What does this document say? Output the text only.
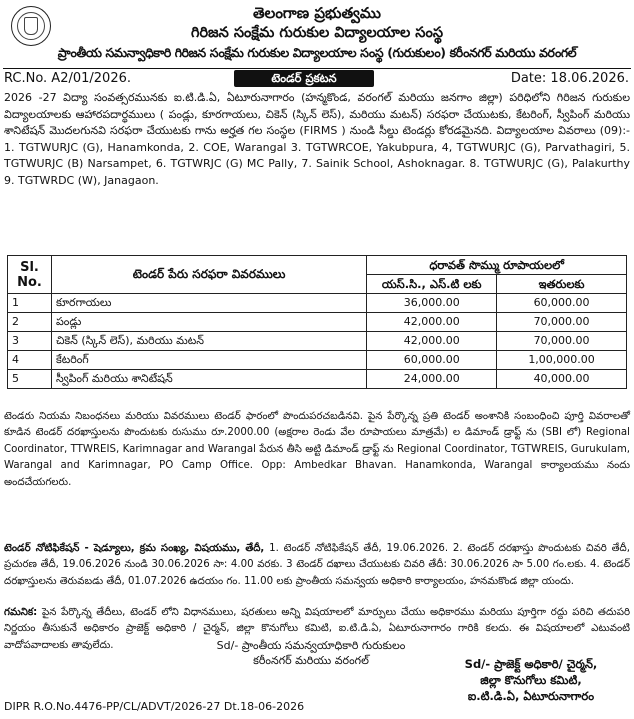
తెలంగాణ ప్రభుత్వము
గిరిజన సంక్షేమ గురుకుల విద్యాలయాల సంస్థ
ప్రాంతీయ సమన్వాధికారి గిరిజన సంక్షేమ గురుకుల విద్యాలయాల సంస్థ (గురుకులం) కరీంనగర్ మరియు వరంగల్
RC.No. A2/01/2026.	టెండర్ ప్రకటన	Date: 18.06.2026.

2026 -27 విద్యా సంవత్సరమునకు ఐ.టి.డి.ఏ, ఏటూరునాగారం (హన్మకొండ, వరంగల్ మరియు జనగాం జిల్లా) పరిధిలోని గిరిజన గురుకుల విద్యాలయాలకు ఆహారపదార్థములు ( పండ్లు, కూరగాయలు, చికెన్ (స్కిన్ లెస్), మరియు మటన్) సరఫరా చేయుటకు, కేటరింగ్, స్వీపింగ్ మరియు శానిటేషన్ మొదలగునవి సరఫరా చేయుటకు గాను అర్హత గల సంస్థల (FIRMS ) నుండి సీల్డు టెండర్లు కోరడమైనది. విద్యాలయాల వివరాలు (09):- 1. TGTWURJC (G), Hanamkonda, 2. COE, Warangal 3. TGTWRCOE, Yakubpura, 4, TGTWURJC (G), Parvathagiri, 5. TGTWURJC (B) Narsampet, 6. TGTWRJC (G) MC Pally, 7. Sainik School, Ashoknagar. 8. TGTWURJC (G), Palakurthy 9. TGTWRDC (W), Janagaon.

Sl. No.	టెండర్ పేరు సరఫరా వివరములు	ధరావత్ సొమ్ము రూపాయలలో	
		యస్.సి., ఎస్.టి లకు	ఇతరులకు
1	కూరగాయలు	36,000.00	60,000.00
2	పండ్లు	42,000.00	70,000.00
3	చికెన్ (స్కిన్ లెస్), మరియు మటన్	42,000.00	70,000.00
4	కేటరింగ్	60,000.00	1,00,000.00
5	స్వీపింగ్ మరియు శానిటేషన్	24,000.00	40,000.00

టెండరు నియమ నిబంధనలు మరియు వివరములు టెండర్ ఫారంలో పొందుపరచబడినవి. పైన పేర్కొన్న ప్రతి టెండర్ అంశానికి సంబంధించి పూర్తి వివరాలతో కూడిన టెండర్ దరఖాస్తులను పొందుటకు రుసుము రూ.2000.00 (అక్షరాల రెండు వేల రూపాయలు మాత్రమే) ల డిమాండ్ డ్రాఫ్ట్ ను (SBI లో) Regional Coordinator, TTWREIS, Karimnagar and Warangal పేరున తీసి అట్టి డిమాండ్ డ్రాఫ్ట్ ను Regional Coordinator, TGTWREIS, Gurukulam, Warangal and Karimnagar, PO Camp Office. Opp: Ambedkar Bhavan. Hanamkonda, Warangal కార్యాలయము నందు అందచేయగలరు.

టెండర్ నోటిఫికేషన్ - షెడ్యూలు, క్రమ సంఖ్య, విషయము, తేదీ, 1. టెండర్ నోటిఫికేషన్ తేదీ, 19.06.2026. 2. టెండర్ దరఖాస్తు పొందుటకు చివరి తేదీ, ప్రచురణ తేదీ, 19.06.2026 నుండి 30.06.2026 సా: 4.00 వరకు. 3 టెండర్ దఖాలు చేయుటకు చివరి తేదీ: 30.06.2026 సా 5.00 గం.లకు. 4. టెండర్ దరఖాస్తులను తెరువబడు తేదీ, 01.07.2026 ఉదయం గం. 11.00 లకు ప్రాంతీయ సమన్వయ అధికారి కార్యాలయం, హనమకొండ జిల్లా యందు.

గమనిక: పైన పేర్కొన్న తేదీలు, టెండర్ లోని విధానములు, షరతులు అన్ని విషయాలలో మార్పులు చేయు అధికారము మరియు పూర్తిగా రద్దు పరిచి తదుపరి నిర్ణయం తీసుకునే అధికారం ప్రాజెక్ట్ అధికారి / చైర్మన్, జిల్లా కొనుగోలు కమిటి, ఐ.టి.డి.ఏ, ఏటూరునాగారం గారికి కలదు. ఈ విషయాలలో ఎటువంటి వాదోపవాదాలకు తావులేదు.	Sd/- ప్రాంతీయ సమన్వయాధికారి గురుకులం
కరీంనగర్ మరియు వరంగల్	Sd/- ప్రాజెక్ట్ అధికారి/ చైర్మన్,
జిల్లా కొనుగోలు కమిటి,
ఐ.టి.డి.ఏ, ఏటూరునాగారం
DIPR R.O.No.4476-PP/CL/ADVT/2026-27 Dt.18-06-2026
